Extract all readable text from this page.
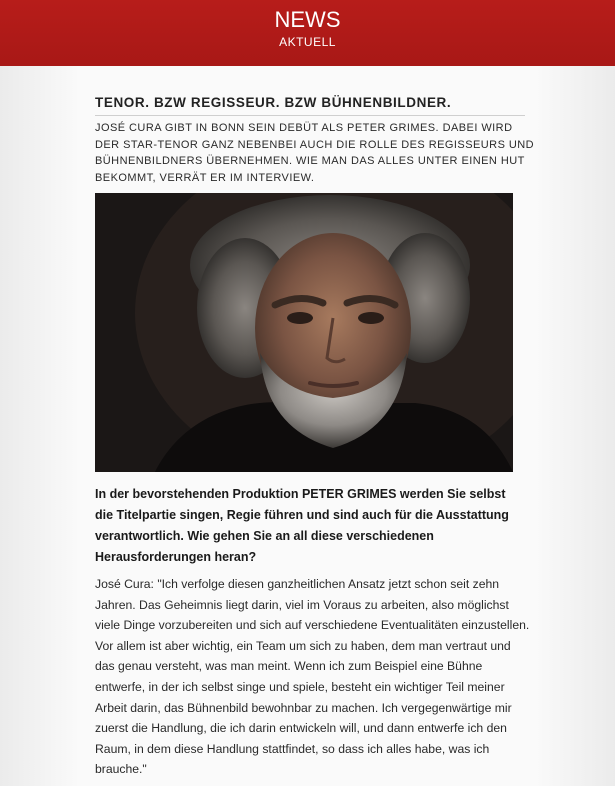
NEWS
AKTUELL
TENOR. BZW REGISSEUR. BZW BÜHNENBILDNER.
JOSÉ CURA GIBT IN BONN SEIN DEBÜT ALS PETER GRIMES. DABEI WIRD DER STAR-TENOR GANZ NEBENBEI AUCH DIE ROLLE DES REGISSEURS UND BÜHNENBILDNERS ÜBERNEHMEN. WIE MAN DAS ALLES UNTER EINEN HUT BEKOMMT, VERRÄT ER IM INTERVIEW.
In der bevorstehenden Produktion PETER GRIMES werden Sie selbst die Titelpartie singen, Regie führen und sind auch für die Ausstattung verantwortlich. Wie gehen Sie an all diese verschiedenen Herausforderungen heran?
José Cura: "Ich verfolge diesen ganzheitlichen Ansatz jetzt schon seit zehn Jahren. Das Geheimnis liegt darin, viel im Voraus zu arbeiten, also möglichst viele Dinge vorzubereiten und sich auf verschiedene Eventualitäten einzustellen. Vor allem ist aber wichtig, ein Team um sich zu haben, dem man vertraut und das genau versteht, was man meint. Wenn ich zum Beispiel eine Bühne entwerfe, in der ich selbst singe und spiele, besteht ein wichtiger Teil meiner Arbeit darin, das Bühnenbild bewohnbar zu machen. Ich vergegenwärtige mir zuerst die Handlung, die ich darin entwickeln will, und dann entwerfe ich den Raum, in dem diese Handlung stattfindet, so dass ich alles habe, was ich brauche."
